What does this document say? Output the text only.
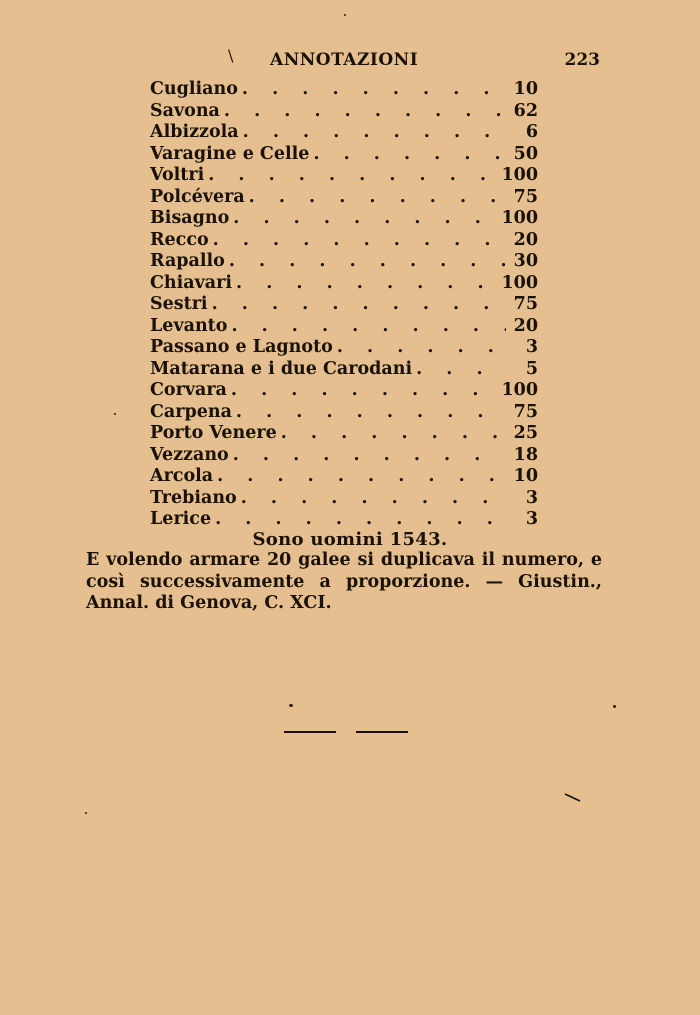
\ ANNOTAZIONI	223
Cugliano . . .	10
Savona . . .	62
Albizzola . . .	6
Varagine e Celle . . .	50
Voltri . . .	100
Polcévera . . .	75
Bisagno . . .	100
Recco . . .	20
Rapallo . . .	30
Chiavari . . .	100
Sestri . . .	75
Levanto . . .	20
Passano e Lagnoto . . .	3
Matarana e i due Carodani . . .	5
Corvara . . .	100
Carpena . . .	75
Porto Venere . . .	25
Vezzano . . .	18
Arcola . . .	10
Trebiano . . .	3
Lerice . . .	3
Sono uomini 1543.
E volendo armare 20 galee si duplicava il numero, e così successivamente a proporzione. — Giustin., Annal. di Genova, C. XCI.
